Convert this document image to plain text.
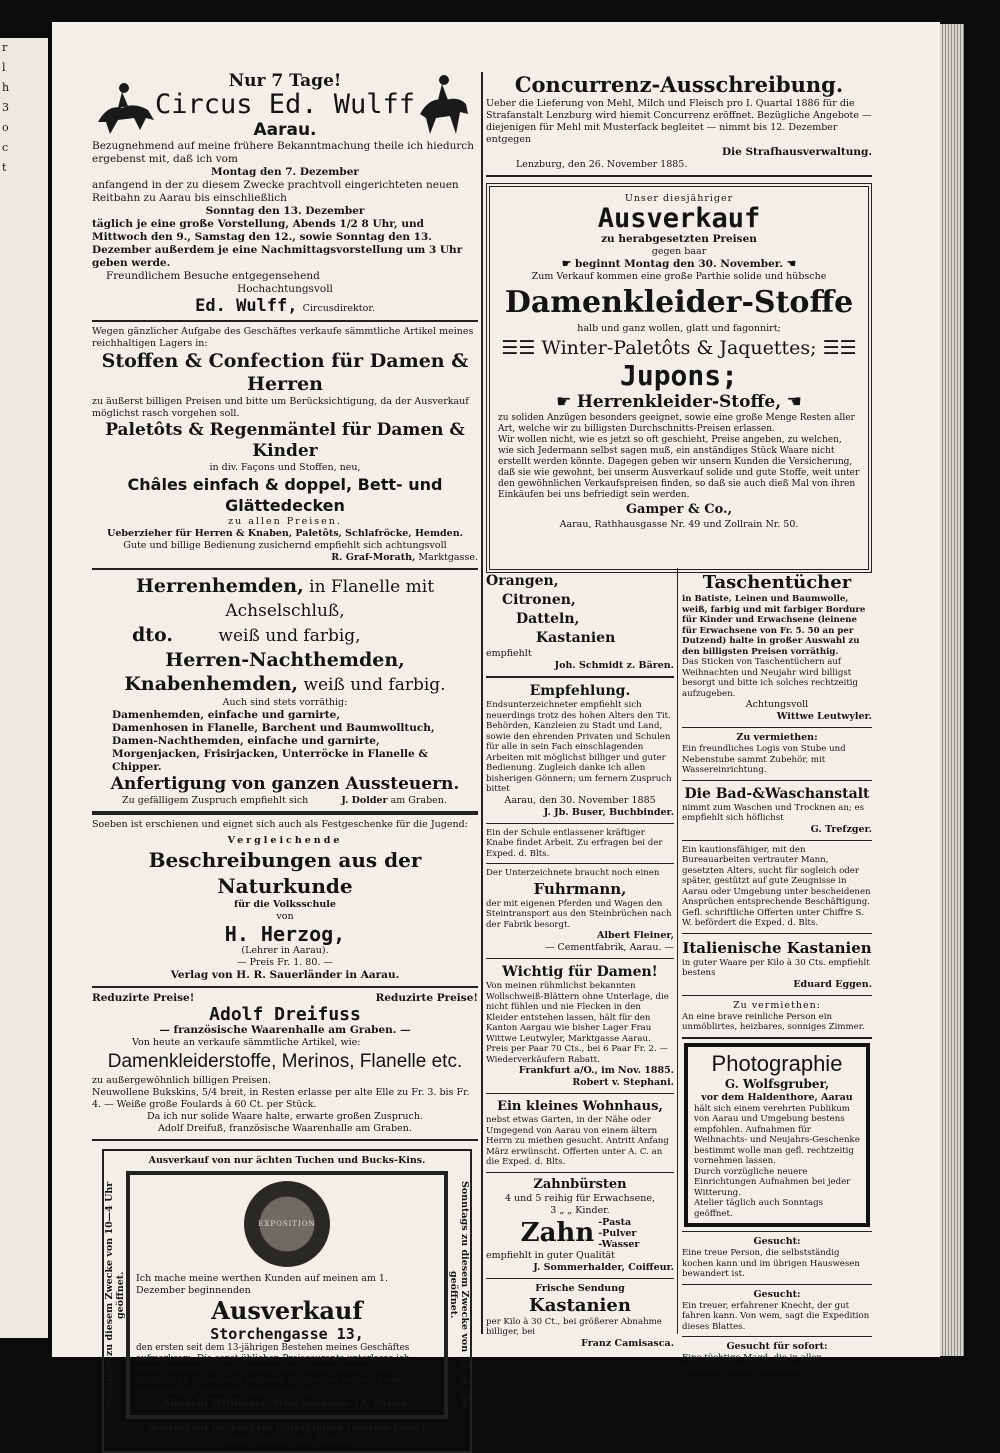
r
l
h
3
o
c
t

Nur 7 Tage!

Circus Ed. Wulff

Aarau.

Bezugnehmend auf meine frühere Bekanntmachung theile ich hiedurch ergebenst mit, daß ich vom

Montag den 7. Dezember

anfangend in der zu diesem Zwecke prachtvoll eingerichteten neuen Reitbahn zu Aarau bis einschließlich

Sonntag den 13. Dezember

täglich je eine große Vorstellung, Abends 1/2 8 Uhr, und Mittwoch den 9., Samstag den 12., sowie Sonntag den 13. Dezember außerdem je eine Nachmittagsvorstellung um 3 Uhr geben werde.

Freundlichem Besuche entgegensehend

Hochachtungsvoll

Ed. Wulff, Circusdirektor.

Wegen gänzlicher Aufgabe des Geschäftes verkaufe sämmtliche Artikel meines reichhaltigen Lagers in:

Stoffen & Confection für Damen & Herren

zu äußerst billigen Preisen und bitte um Berücksichtigung, da der Ausverkauf möglichst rasch vorgehen soll.

Paletôts & Regenmäntel für Damen & Kinder

in div. Façons und Stoffen, neu,

Châles einfach & doppel, Bett- und Glättedecken

zu allen Preisen.

Ueberzieher für Herren & Knaben, Paletôts, Schlafröcke, Hemden.

Gute und billige Bedienung zusichernd empfiehlt sich achtungsvoll

R. Graf-Morath, Marktgasse.

Herrenhemden, in Flanelle mit Achselschluß,

dto.	weiß und farbig,

Herren-Nachthemden,

Knabenhemden, weiß und farbig.

Auch sind stets vorräthig:

Damenhemden, einfache und garnirte,

Damenhosen in Flanelle, Barchent und Baumwolltuch,

Damen-Nachthemden, einfache und garnirte,

Morgenjacken, Frisirjacken, Unterröcke in Flanelle & Chipper.

Anfertigung von ganzen Aussteuern.

Zu gefälligem Zuspruch empfiehlt sich	J. Dolder am Graben.

Soeben ist erschienen und eignet sich auch als Festgeschenke für die Jugend:

Vergleichende

Beschreibungen aus der Naturkunde

für die Volksschule

von

H. Herzog,

(Lehrer in Aarau).

— Preis Fr. 1. 80. —

Verlag von H. R. Sauerländer in Aarau.

Reduzirte Preise!	Reduzirte Preise!

Adolf Dreifuss

— französische Waarenhalle am Graben. —

Von heute an verkaufe sämmtliche Artikel, wie:

Damenkleiderstoffe, Merinos, Flanelle etc.

zu außergewöhnlich billigen Preisen.

Neuwollene Bukskins, 5/4 breit, in Resten erlasse per alte Elle zu Fr. 3. bis Fr. 4. — Weiße große Foulards à 60 Ct. per Stück.

Da ich nur solide Waare halte, erwarte großen Zuspruch.

Adolf Dreifuß, französische Waarenhalle am Graben.

Ausverkauf von nur ächten Tuchen und Bucks-Kins.

Sonntags zu diesem Zwecke von 10—4 Uhr geöffnet.	Sonntags zu diesem Zwecke von 10—4 Uhr geöffnet.
EXPOSITION

Ich mache meine werthen Kunden auf meinen am 1. Dezember beginnenden

Ausverkauf

Storchengasse 13,

den ersten seit dem 13-jährigen Bestehen meines Geschäftes aufmerksam. Die sonst üblichen Preiscourants unterlasse ich, theile indessen mit, daß sämmtliche Herren-Jaquets, Saccos, Schlafröcke ꝛc. aus rein wollenen Stoffen von meinen hiesigen zuverlässigen Arbeitern angefertigt sind.

Albrecht Wittlinger, Storchengasse 13, Zürich.

Ausverkauf hochächter Unterkleider (System Jäger)

wegen Aufgabe des Artikels.

Concurrenz-Ausschreibung.

Ueber die Lieferung von Mehl, Milch und Fleisch pro I. Quartal 1886 für die Strafanstalt Lenzburg wird hiemit Concurrenz eröffnet. Bezügliche Angebote — diejenigen für Mehl mit Musterſack begleitet — nimmt bis 12. Dezember entgegen

Die Strafhausverwaltung.

Lenzburg, den 26. November 1885.

Unser diesjähriger

Ausverkauf

zu herabgesetzten Preisen

gegen baar

☛ beginnt Montag den 30. November. ☚

Zum Verkauf kommen eine große Parthie solide und hübsche

Damenkleider-Stoffe

halb und ganz wollen, glatt und fagonnirt;

☰☰ Winter-Paletôts & Jaquettes; ☰☰

Jupons;

☛ Herrenkleider-Stoffe, ☚

zu soliden Anzügen besonders geeignet, sowie eine große Menge Resten aller Art, welche wir zu billigsten Durchschnitts-Preisen erlassen.

Wir wollen nicht, wie es jetzt so oft geschieht, Preise angeben, zu welchen, wie sich Jedermann selbst sagen muß, ein anständiges Stück Waare nicht erstellt werden könnte. Dagegen geben wir unsern Kunden die Versicherung, daß sie wie gewohnt, bei unserm Ausverkauf solide und gute Stoffe, weit unter den gewöhnlichen Verkaufspreisen finden, so daß sie auch dieß Mal von ihren Einkäufen bei uns befriedigt sein werden.

Gamper & Co.,

Aarau, Rathhausgasse Nr. 49 und Zollrain Nr. 50.

Orangen,

Citronen,

Datteln,

Kastanien

empfiehlt

Joh. Schmidt z. Bären.

Empfehlung.

Endsunterzeichneter empfiehlt sich neuerdings trotz des hohen Alters den Tit. Behörden, Kanzleien zu Stadt und Land, sowie den ehrenden Privaten und Schulen für alle in sein Fach einschlagenden Arbeiten mit möglichst billiger und guter Bedienung. Zugleich danke ich allen bisherigen Gönnern; um fernern Zuspruch bittet

Aarau, den 30. November 1885

J. Jb. Buser, Buchbinder.

Ein der Schule entlassener kräftiger Knabe findet Arbeit. Zu erfragen bei der Exped. d. Blts.

Der Unterzeichnete braucht noch einen

Fuhrmann,

der mit eigenen Pferden und Wagen den Steintransport aus den Steinbrüchen nach der Fabrik besorgt.

Albert Fleiner,

— Cementfabrik, Aarau. —

Wichtig für Damen!

Von meinen rühmlichst bekannten Wollschweiß-Blättern ohne Unterlage, die nicht fühlen und nie Flecken in den Kleider entstehen lassen, hält für den Kanton Aargau wie bisher Lager Frau Wittwe Leutwyler, Marktgasse Aarau. Preis per Paar 70 Cts., bei 6 Paar Fr. 2. — Wiederverkäufern Rabatt.

Frankfurt a/O., im Nov. 1885.

Robert v. Stephani.

Ein kleines Wohnhaus,

nebst etwas Garten, in der Nähe oder Umgegend von Aarau von einem ältern Herrn zu miethen gesucht. Antritt Anfang März erwünscht. Offerten unter A. C. an die Exped. d. Blts.

Zahnbürsten

4 und 5 reihig für Erwachsene,

3 „ „ Kinder.

Zahn -Pasta
-Pulver
-Wasser

empfiehlt in guter Qualität

J. Sommerhalder, Coiffeur.

Frische Sendung

Kastanien

per Kilo à 30 Ct., bei größerer Abnahme billiger, bei

Franz Camisasca.

Taschentücher

in Batiste, Leinen und Baumwolle, weiß, farbig und mit farbiger Bordure für Kinder und Erwachsene (leinene für Erwachsene von Fr. 5. 50 an per Dutzend) halte in großer Auswahl zu den billigsten Preisen vorräthig.

Das Sticken von Taschentüchern auf Weihnachten und Neujahr wird billigst besorgt und bitte ich solches rechtzeitig aufzugeben.

Achtungsvoll

Wittwe Leutwyler.

Zu vermiethen:

Ein freundliches Logis von Stube und Nebenstube sammt Zubehör, mit Wassereinrichtung.

Die Bad-&Waschanstalt

nimmt zum Waschen und Trocknen an; es empfiehlt sich höflichst

G. Trefzger.

Ein kautionsfähiger, mit den Bureauarbeiten vertrauter Mann, gesetzten Alters, sucht für sogleich oder später, gestützt auf gute Zeugnisse in Aarau oder Umgebung unter bescheidenen Ansprüchen entsprechende Beschäftigung. Gefl. schriftliche Offerten unter Chiffre S. W. befördert die Exped. d. Blts.

Italienische Kastanien

in guter Waare per Kilo à 30 Cts. empfiehlt bestens

Eduard Eggen.

Zu vermiethen:

An eine brave reinliche Person ein unmöblirtes, heizbares, sonniges Zimmer.

Photographie

G. Wolfsgruber,

vor dem Haldenthore, Aarau

hält sich einem verehrten Publikum von Aarau und Umgebung bestens empfohlen. Aufnahmen für Weihnachts- und Neujahrs-Geschenke bestimmt wolle man gefl. rechtzeitig vornehmen lassen.

Durch vorzügliche neuere Einrichtungen Aufnahmen bei jeder Witterung.

Atelier täglich auch Sonntags geöffnet.

Gesucht:

Eine treue Person, die selbstständig kochen kann und im übrigen Hauswesen bewandert ist.

Gesucht:

Ein treuer, erfahrener Knecht, der gut fahren kann. Von wem, sagt die Expedition dieses Blattes.

Gesucht für sofort:

Eine tüchtige Magd, die in allen Hausgeschäften bewandert ist.
